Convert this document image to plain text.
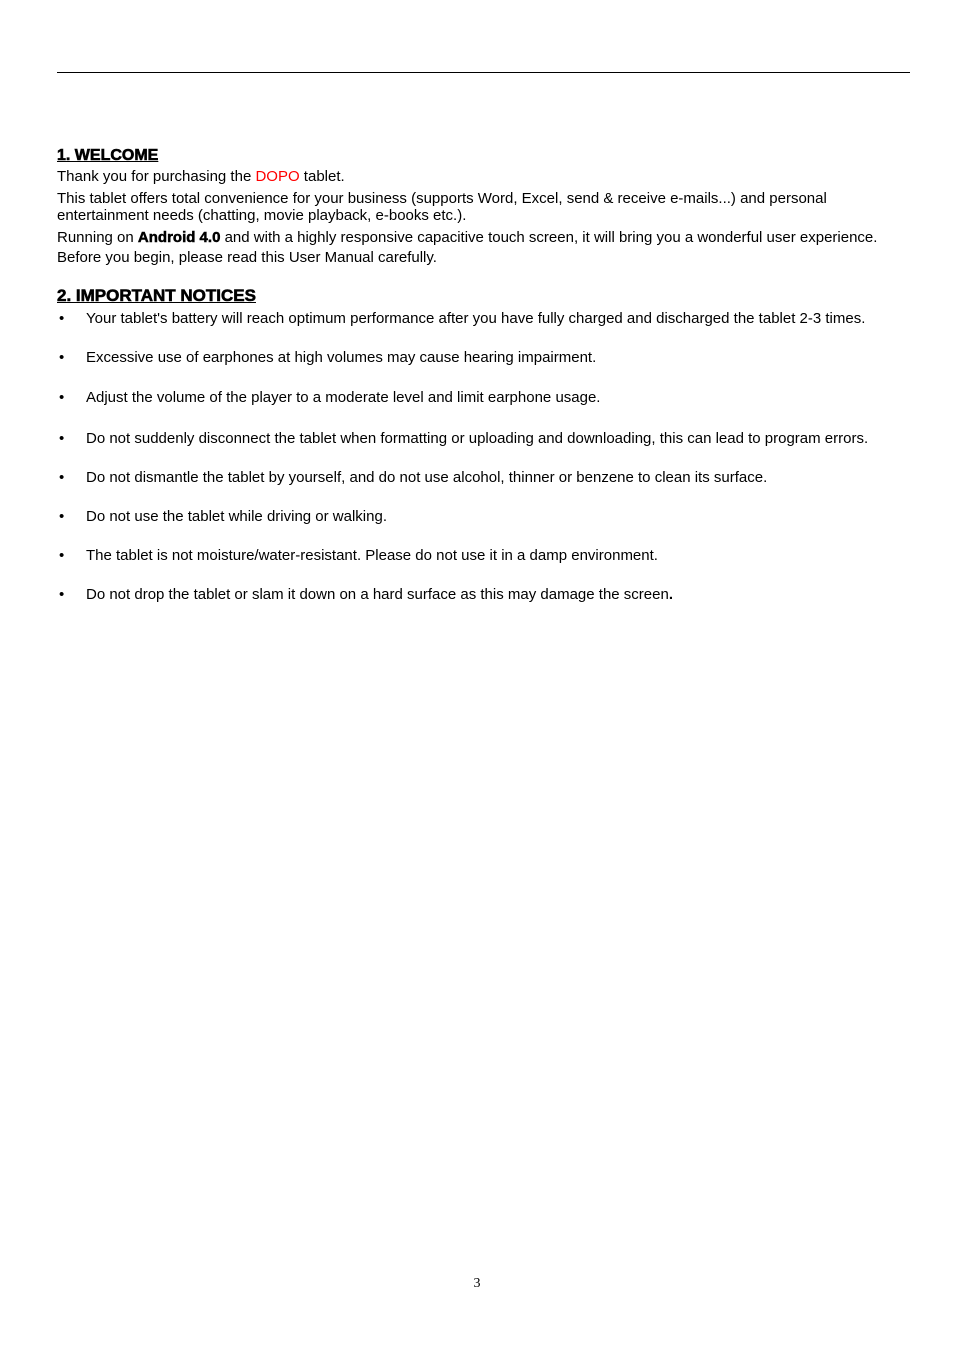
1. WELCOME

Thank you for purchasing the DOPO tablet.

This tablet offers total convenience for your business (supports Word, Excel, send & receive e-mails...) and personal entertainment needs (chatting, movie playback, e-books etc.).

Running on Android 4.0 and with a highly responsive capacitive touch screen, it will bring you a wonderful user experience.

Before you begin, please read this User Manual carefully.

2. IMPORTANT NOTICES
• Your tablet's battery will reach optimum performance after you have fully charged and discharged the tablet 2-3 times.
• Excessive use of earphones at high volumes may cause hearing impairment.
• Adjust the volume of the player to a moderate level and limit earphone usage.
• Do not suddenly disconnect the tablet when formatting or uploading and downloading, this can lead to program errors.
• Do not dismantle the tablet by yourself, and do not use alcohol, thinner or benzene to clean its surface.
• Do not use the tablet while driving or walking.
• The tablet is not moisture/water-resistant. Please do not use it in a damp environment.
• Do not drop the tablet or slam it down on a hard surface as this may damage the screen.
3
